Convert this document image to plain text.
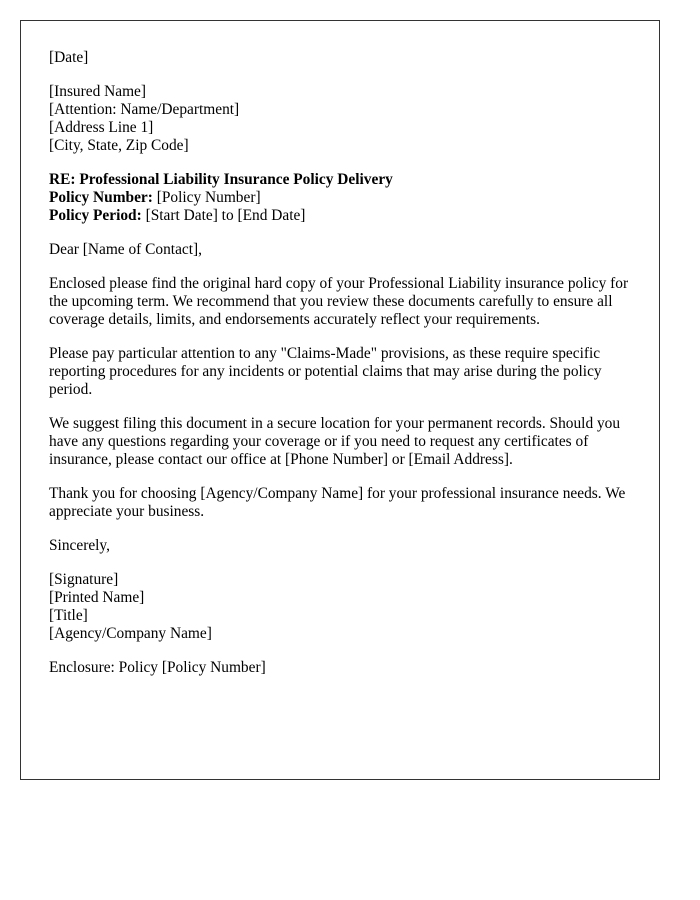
[Date]
[Insured Name]
[Attention: Name/Department]
[Address Line 1]
[City, State, Zip Code]
RE: Professional Liability Insurance Policy Delivery
Policy Number: [Policy Number]
Policy Period: [Start Date] to [End Date]
Dear [Name of Contact],
Enclosed please find the original hard copy of your Professional Liability insurance policy for the upcoming term. We recommend that you review these documents carefully to ensure all coverage details, limits, and endorsements accurately reflect your requirements.
Please pay particular attention to any "Claims-Made" provisions, as these require specific reporting procedures for any incidents or potential claims that may arise during the policy period.
We suggest filing this document in a secure location for your permanent records. Should you have any questions regarding your coverage or if you need to request any certificates of insurance, please contact our office at [Phone Number] or [Email Address].
Thank you for choosing [Agency/Company Name] for your professional insurance needs. We appreciate your business.
Sincerely,
[Signature]
[Printed Name]
[Title]
[Agency/Company Name]
Enclosure: Policy [Policy Number]
